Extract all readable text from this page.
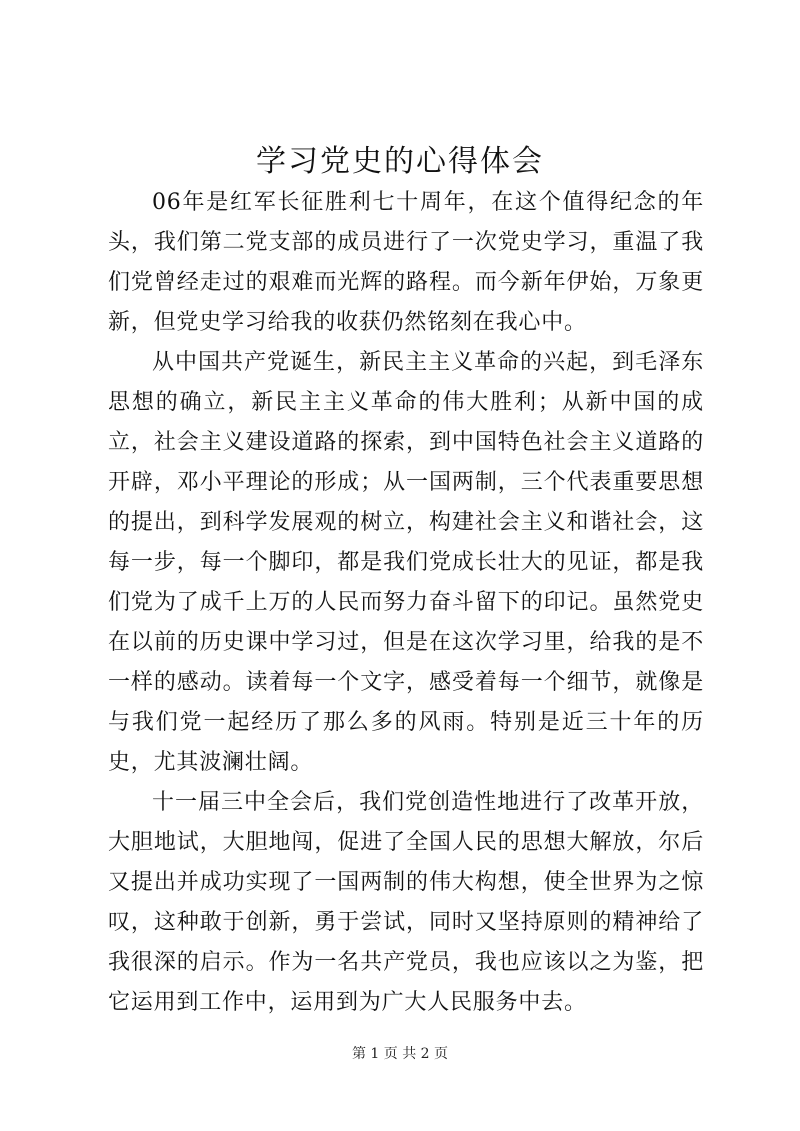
学习党史的心得体会

06年是红军长征胜利七十周年，在这个值得纪念的年头，我们第二党支部的成员进行了一次党史学习，重温了我们党曾经走过的艰难而光辉的路程。而今新年伊始，万象更新，但党史学习给我的收获仍然铭刻在我心中。

从中国共产党诞生，新民主主义革命的兴起，到毛泽东思想的确立，新民主主义革命的伟大胜利；从新中国的成立，社会主义建设道路的探索，到中国特色社会主义道路的开辟，邓小平理论的形成；从一国两制，三个代表重要思想的提出，到科学发展观的树立，构建社会主义和谐社会，这每一步，每一个脚印，都是我们党成长壮大的见证，都是我们党为了成千上万的人民而努力奋斗留下的印记。虽然党史在以前的历史课中学习过，但是在这次学习里，给我的是不一样的感动。读着每一个文字，感受着每一个细节，就像是与我们党一起经历了那么多的风雨。特别是近三十年的历史，尤其波澜壮阔。

十一届三中全会后，我们党创造性地进行了改革开放，大胆地试，大胆地闯，促进了全国人民的思想大解放，尔后又提出并成功实现了一国两制的伟大构想，使全世界为之惊叹，这种敢于创新，勇于尝试，同时又坚持原则的精神给了我很深的启示。作为一名共产党员，我也应该以之为鉴，把它运用到工作中，运用到为广大人民服务中去。

第 1 页 共 2 页
